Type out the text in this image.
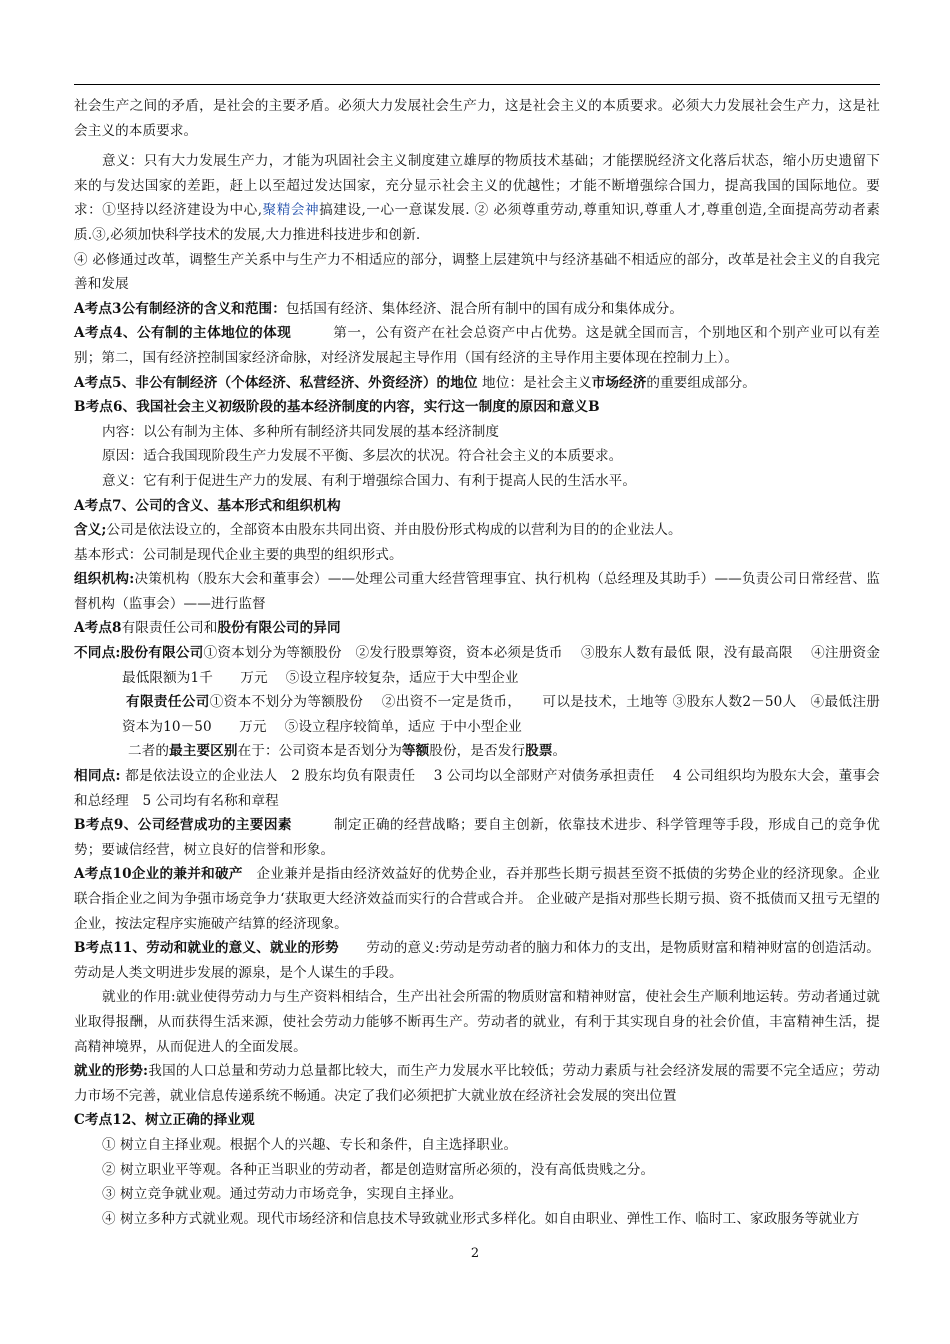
社会生产之间的矛盾，是社会的主要矛盾。必须大力发展社会生产力，这是社会主义的本质要求。必须大力发展社会生产力，这是社会主义的本质要求。

意义：只有大力发展生产力，才能为巩固社会主义制度建立雄厚的物质技术基础；才能摆脱经济文化落后状态，缩小历史遗留下来的与发达国家的差距，赶上以至超过发达国家，充分显示社会主义的优越性；才能不断增强综合国力，提高我国的国际地位。要求：①坚持以经济建设为中心,聚精会神搞建设,一心一意谋发展. ② 必须尊重劳动,尊重知识,尊重人才,尊重创造,全面提高劳动者素质.③,必须加快科学技术的发展,大力推进科技进步和创新.

④ 必修通过改革，调整生产关系中与生产力不相适应的部分，调整上层建筑中与经济基础不相适应的部分，改革是社会主义的自我完善和发展

A考点3公有制经济的含义和范围：包括国有经济、集体经济、混合所有制中的国有成分和集体成分。

A考点4、公有制的主体地位的体现　　　第一，公有资产在社会总资产中占优势。这是就全国而言，个别地区和个别产业可以有差别；第二，国有经济控制国家经济命脉，对经济发展起主导作用（国有经济的主导作用主要体现在控制力上）。

A考点5、非公有制经济（个体经济、私营经济、外资经济）的地位 地位：是社会主义市场经济的重要组成部分。

B考点6、我国社会主义初级阶段的基本经济制度的内容，实行这一制度的原因和意义B

内容：以公有制为主体、多种所有制经济共同发展的基本经济制度

原因：适合我国现阶段生产力发展不平衡、多层次的状况。符合社会主义的本质要求。

意义：它有利于促进生产力的发展、有利于增强综合国力、有利于提高人民的生活水平。

A考点7、公司的含义、基本形式和组织机构

含义;公司是依法设立的，全部资本由股东共同出资、并由股份形式构成的以营利为目的的企业法人。

基本形式：公司制是现代企业主要的典型的组织形式。

组织机构:决策机构（股东大会和董事会）——处理公司重大经营管理事宜、执行机构（总经理及其助手）——负责公司日常经营、监督机构（监事会）——进行监督

A考点8有限责任公司和股份有限公司的异同

不同点:股份有限公司①资本划分为等额股份　②发行股票筹资，资本必须是货币　 ③股东人数有最低 限，没有最高限　 ④注册资金最低限额为1千　　万元　 ⑤设立程序较复杂，适应于大中型企业

有限责任公司①资本不划分为等额股份　 ②出资不一定是货币，　　可以是技术，土地等 ③股东人数2－50人　④最低注册资本为10－50　　万元　 ⑤设立程序较简单，适应 于中小型企业

二者的最主要区别在于：公司资本是否划分为等额股份，是否发行股票。

相同点: 都是依法设立的企业法人　2 股东均负有限责任　 3 公司均以全部财产对债务承担责任　 4 公司组织均为股东大会，董事会和总经理　5 公司均有名称和章程

B考点9、公司经营成功的主要因素　　　制定正确的经营战略；要自主创新，依靠技术进步、科学管理等手段，形成自己的竞争优势；要诚信经营，树立良好的信誉和形象。

A考点10企业的兼并和破产　企业兼并是指由经济效益好的优势企业，吞并那些长期亏损甚至资不抵债的劣势企业的经济现象。企业联合指企业之间为争强市场竞争力‘获取更大经济效益而实行的合营或合并。 企业破产是指对那些长期亏损、资不抵债而又扭亏无望的企业，按法定程序实施破产结算的经济现象。

B考点11、劳动和就业的意义、就业的形势　　劳动的意义:劳动是劳动者的脑力和体力的支出，是物质财富和精神财富的创造活动。劳动是人类文明进步发展的源泉，是个人谋生的手段。

就业的作用:就业使得劳动力与生产资料相结合，生产出社会所需的物质财富和精神财富，使社会生产顺利地运转。劳动者通过就业取得报酬，从而获得生活来源，使社会劳动力能够不断再生产。劳动者的就业，有利于其实现自身的社会价值，丰富精神生活，提高精神境界，从而促进人的全面发展。

就业的形势:我国的人口总量和劳动力总量都比较大，而生产力发展水平比较低；劳动力素质与社会经济发展的需要不完全适应；劳动力市场不完善，就业信息传递系统不畅通。决定了我们必须把扩大就业放在经济社会发展的突出位置

C考点12、树立正确的择业观

① 树立自主择业观。根据个人的兴趣、专长和条件，自主选择职业。

② 树立职业平等观。各种正当职业的劳动者，都是创造财富所必须的，没有高低贵贱之分。

③ 树立竞争就业观。通过劳动力市场竞争，实现自主择业。

④ 树立多种方式就业观。现代市场经济和信息技术导致就业形式多样化。如自由职业、弹性工作、临时工、家政服务等就业方

2
